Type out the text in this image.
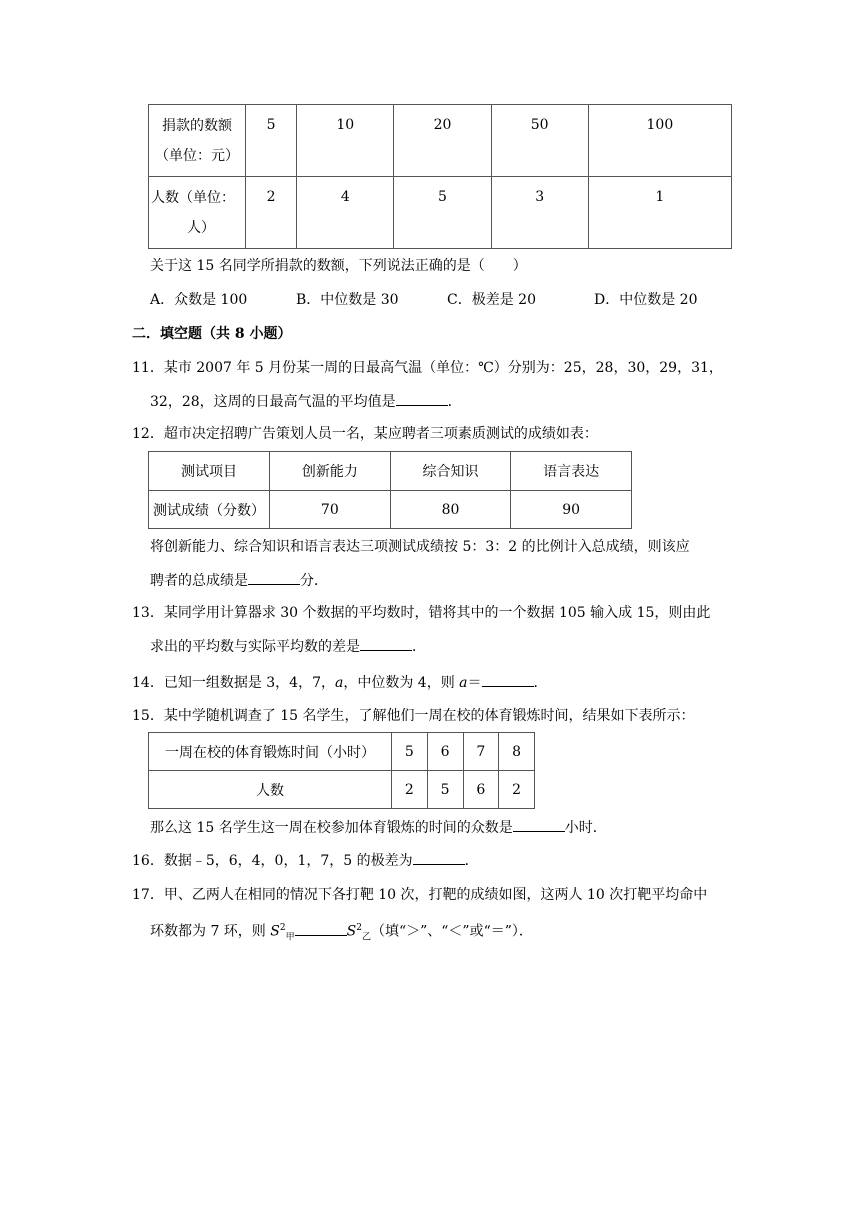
捐款的数额
（单位：元）	5	10	20	50	100
人数（单位：
人）	2	4	5	3	1
关于这 15 名同学所捐款的数额，下列说法正确的是（　　）
A．众数是 100	B．中位数是 30	C．极差是 20	D．中位数是 20
二．填空题（共 8 小题）
11．某市 2007 年 5 月份某一周的日最高气温（单位：℃）分别为：25，28，30，29，31，
32，28，这周的日最高气温的平均值是	．
12．超市决定招聘广告策划人员一名，某应聘者三项素质测试的成绩如表：
测试项目	创新能力	综合知识	语言表达
测试成绩（分数）	70	80	90
将创新能力、综合知识和语言表达三项测试成绩按 5：3：2 的比例计入总成绩，则该应
聘者的总成绩是	分．
13．某同学用计算器求 30 个数据的平均数时，错将其中的一个数据 105 输入成 15，则由此
求出的平均数与实际平均数的差是	．
14．已知一组数据是 3，4，7，a，中位数为 4，则 a＝	．
15．某中学随机调查了 15 名学生，了解他们一周在校的体育锻炼时间，结果如下表所示：
一周在校的体育锻炼时间（小时）	5	6	7	8
人数	2	5	6	2
那么这 15 名学生这一周在校参加体育锻炼的时间的众数是	小时．
16．数据﹣5，6，4，0，1，7，5 的极差为	．
17．甲、乙两人在相同的情况下各打靶 10 次，打靶的成绩如图，这两人 10 次打靶平均命中
环数都为 7 环，则 $S^2_甲$	$S^2_乙$（填“＞”、“＜”或“＝”）．
